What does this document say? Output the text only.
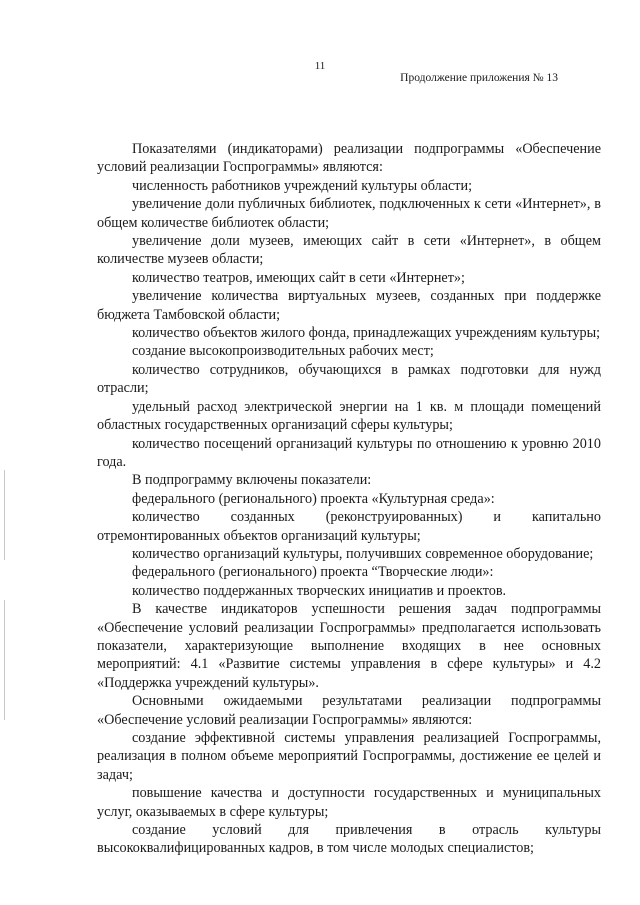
11
Продолжение приложения № 13

Показателями (индикаторами) реализации подпрограммы «Обеспечение условий реализации Госпрограммы» являются:

численность работников учреждений культуры области;

увеличение доли публичных библиотек, подключенных к сети «Интернет», в общем количестве библиотек области;

увеличение доли музеев, имеющих сайт в сети «Интернет», в общем количестве музеев области;

количество театров, имеющих сайт в сети «Интернет»;

увеличение количества виртуальных музеев, созданных при поддержке бюджета Тамбовской области;

количество объектов жилого фонда, принадлежащих учреждениям культуры;

создание высокопроизводительных рабочих мест;

количество сотрудников, обучающихся в рамках подготовки для нужд отрасли;

удельный расход электрической энергии на 1 кв. м площади помещений областных государственных организаций сферы культуры;

количество посещений организаций культуры по отношению к уровню 2010 года.

В подпрограмму включены показатели:

федерального (регионального) проекта «Культурная среда»:

количество созданных (реконструированных) и капитально отремонтированных объектов организаций культуры;

количество организаций культуры, получивших современное оборудование;

федерального (регионального) проекта “Творческие люди»:

количество поддержанных творческих инициатив и проектов.

В качестве индикаторов успешности решения задач подпрограммы «Обеспечение условий реализации Госпрограммы» предполагается использовать показатели, характеризующие выполнение входящих в нее основных мероприятий: 4.1 «Развитие системы управления в сфере культуры» и 4.2 «Поддержка учреждений культуры».

Основными ожидаемыми результатами реализации подпрограммы «Обеспечение условий реализации Госпрограммы» являются:

создание эффективной системы управления реализацией Госпрограммы, реализация в полном объеме мероприятий Госпрограммы, достижение ее целей и задач;

повышение качества и доступности государственных и муниципальных услуг, оказываемых в сфере культуры;

создание условий для привлечения в отрасль культуры высококвалифицированных кадров, в том числе молодых специалистов;
